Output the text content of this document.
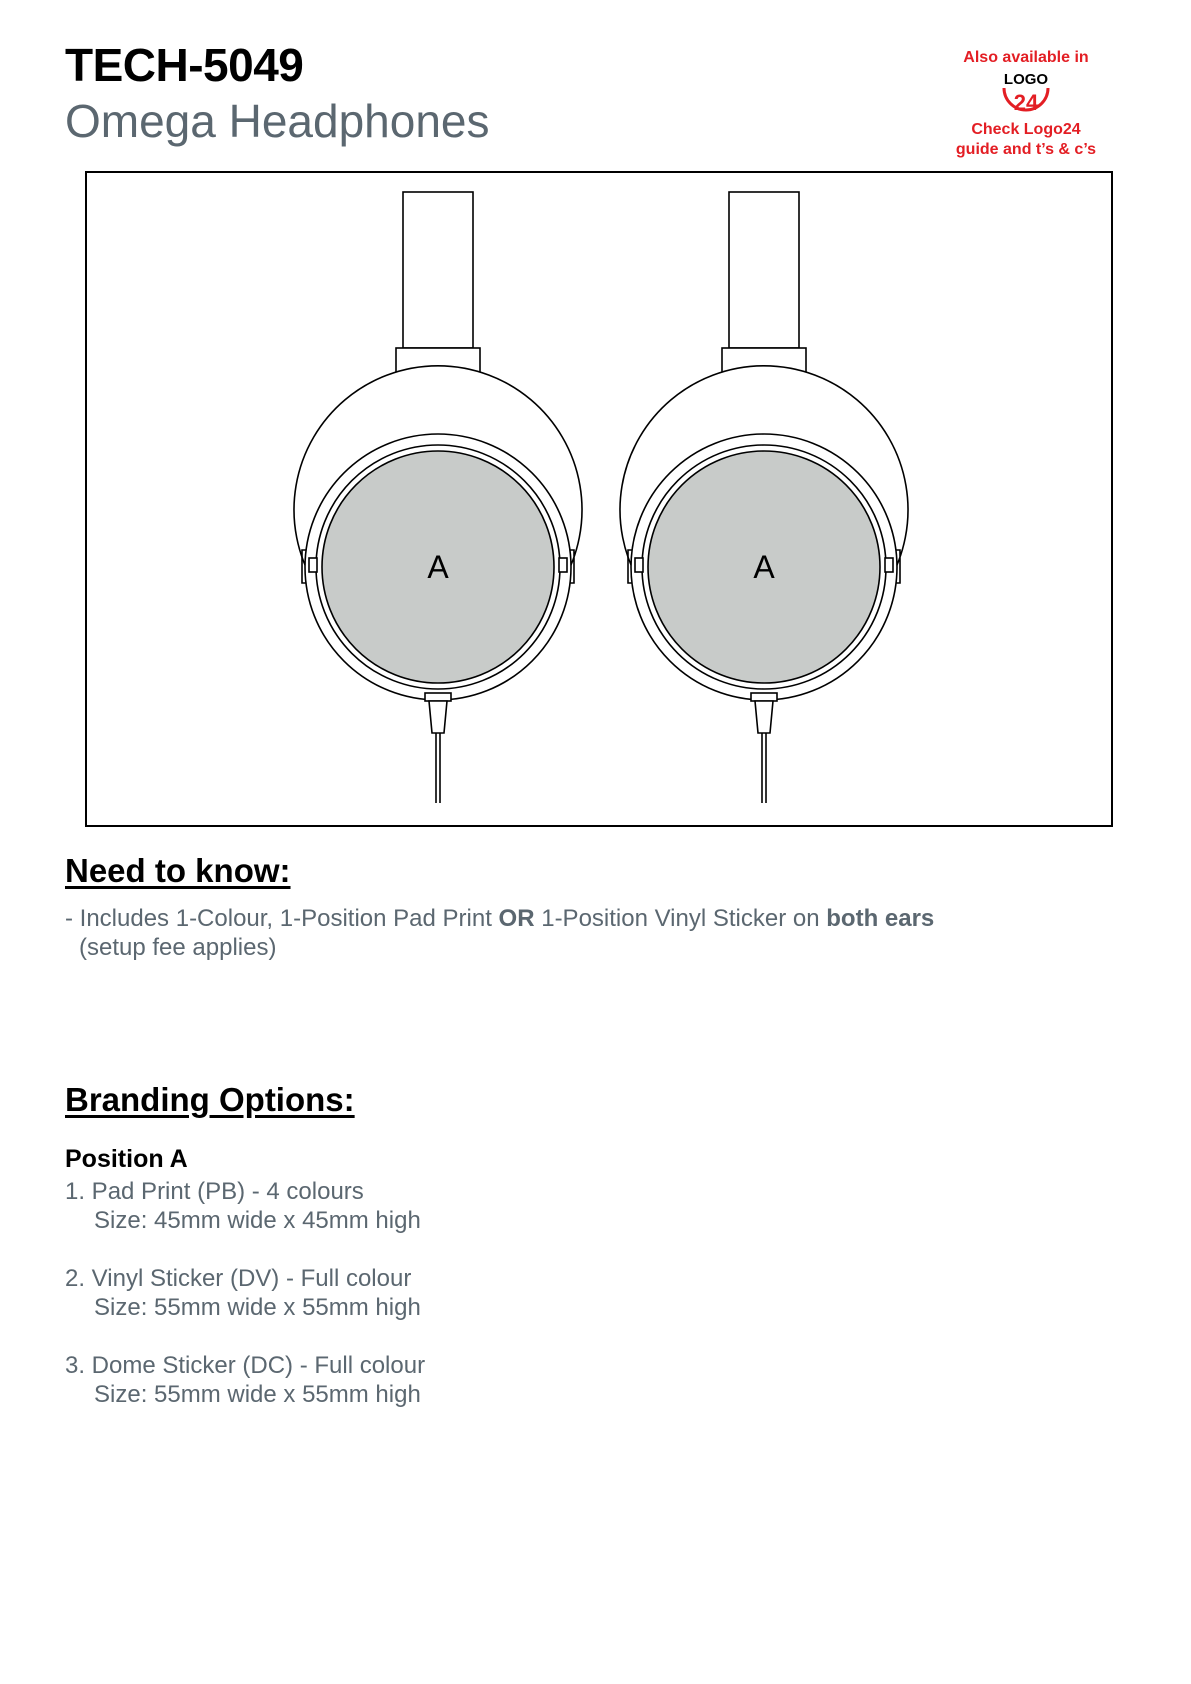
TECH-5049
Omega Headphones
Also available in
LOGO
24
Check Logo24
guide and t’s & c’s
A	A
Need to know:
- Includes 1-Colour, 1-Position Pad Print OR 1-Position Vinyl Sticker on both ears
(setup fee applies)
Branding Options:
Position A
1. Pad Print (PB) - 4 colours
Size: 45mm wide x 45mm high
2. Vinyl Sticker (DV) - Full colour
Size: 55mm wide x 55mm high
3. Dome Sticker (DC) - Full colour
Size: 55mm wide x 55mm high
